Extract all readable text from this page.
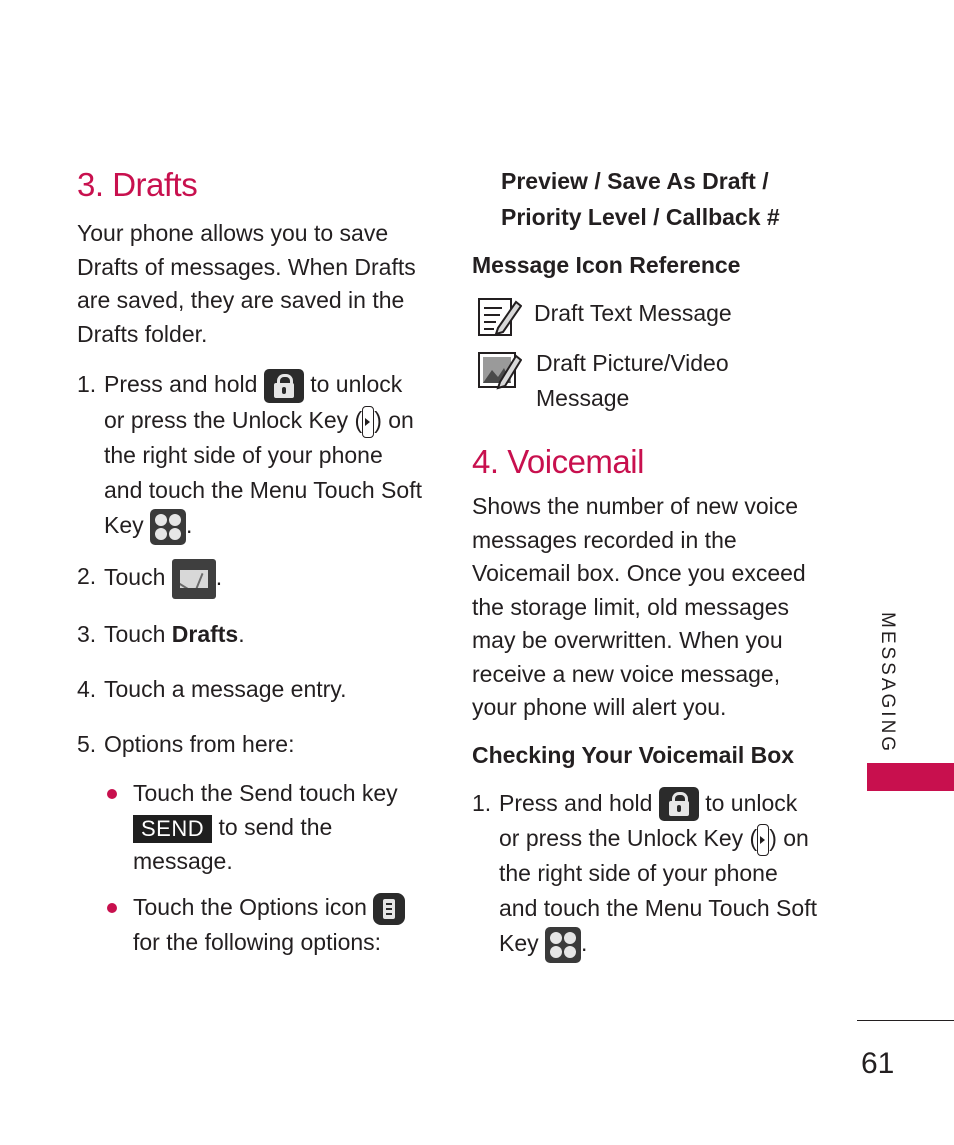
3. Drafts

Your phone allows you to save Drafts of messages. When Drafts are saved, they are saved in the Drafts folder.

1. Press and hold to unlock or press the Unlock Key ( ) on the right side of your phone and touch the Menu Touch Soft Key .
2. Touch .
3. Touch Drafts.
4. Touch a message entry.
5. Options from here:
Touch the Send touch key SEND to send the message.
Touch the Options icon
for the following options:
Preview / Save As Draft / Priority Level / Callback #
Message Icon Reference
Draft Text Message
Draft Picture/Video Message
4. Voicemail

Shows the number of new voice messages recorded in the Voicemail box. Once you exceed the storage limit, old messages may be overwritten. When you receive a new voice message, your phone will alert you.

Checking Your Voicemail Box
1. Press and hold to unlock or press the Unlock Key ( ) on the right side of your phone and touch the Menu Touch Soft Key .
MESSAGING
61
